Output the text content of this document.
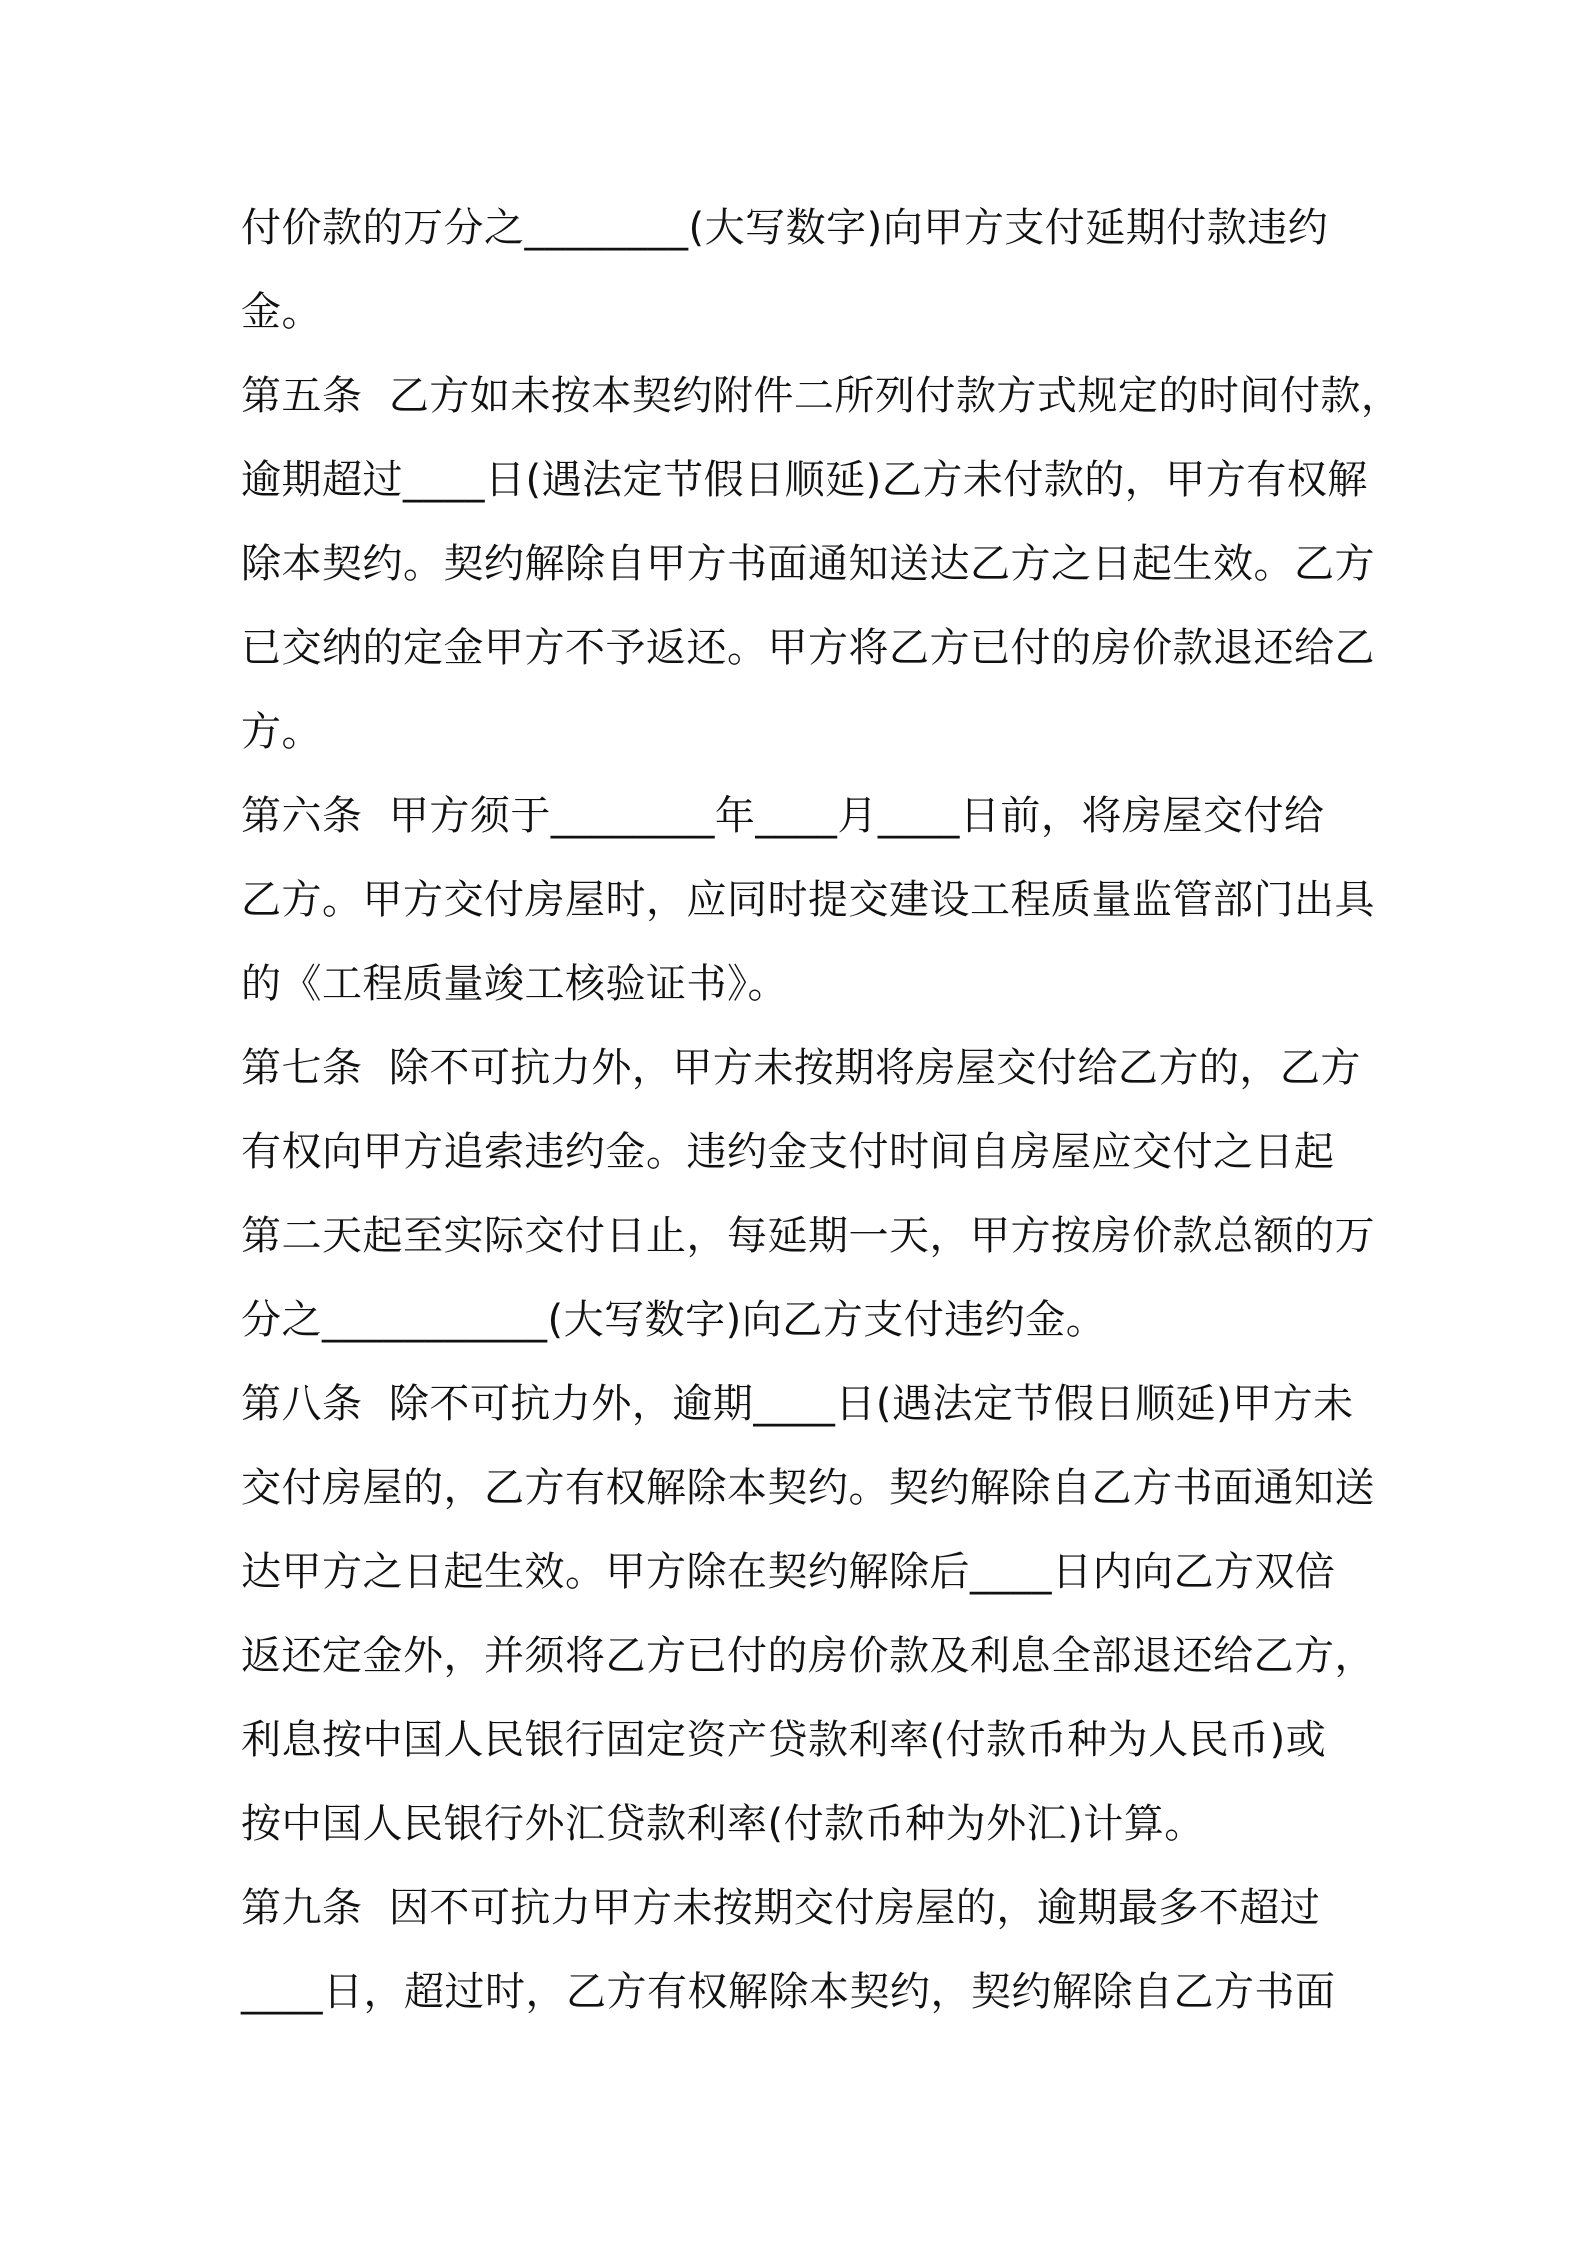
付价款的万分之________(大写数字)向甲方支付延期付款违约
金。
第五条  乙方如未按本契约附件二所列付款方式规定的时间付款，
逾期超过____日(遇法定节假日顺延)乙方未付款的，甲方有权解
除本契约。契约解除自甲方书面通知送达乙方之日起生效。乙方
已交纳的定金甲方不予返还。甲方将乙方已付的房价款退还给乙
方。
第六条  甲方须于________年____月____日前，将房屋交付给
乙方。甲方交付房屋时，应同时提交建设工程质量监管部门出具
的《工程质量竣工核验证书》。
第七条  除不可抗力外，甲方未按期将房屋交付给乙方的，乙方
有权向甲方追索违约金。违约金支付时间自房屋应交付之日起
第二天起至实际交付日止，每延期一天，甲方按房价款总额的万
分之___________(大写数字)向乙方支付违约金。
第八条  除不可抗力外，逾期____日(遇法定节假日顺延)甲方未
交付房屋的，乙方有权解除本契约。契约解除自乙方书面通知送
达甲方之日起生效。甲方除在契约解除后____日内向乙方双倍
返还定金外，并须将乙方已付的房价款及利息全部退还给乙方，
利息按中国人民银行固定资产贷款利率(付款币种为人民币)或
按中国人民银行外汇贷款利率(付款币种为外汇)计算。
第九条  因不可抗力甲方未按期交付房屋的，逾期最多不超过
____日，超过时，乙方有权解除本契约，契约解除自乙方书面
